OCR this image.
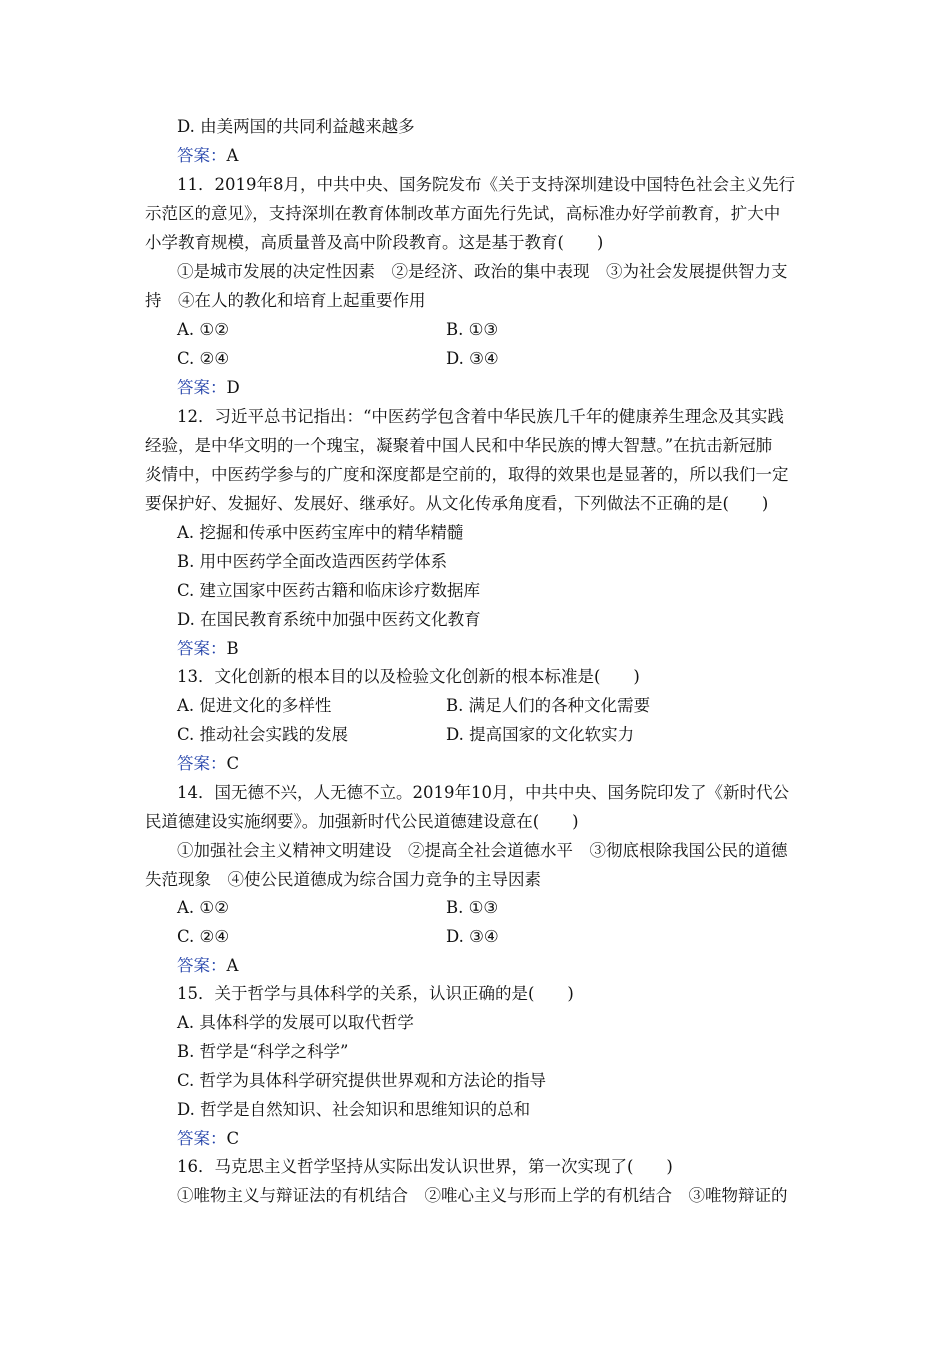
D. 由美两国的共同利益越来越多
答案：A
11．2019年8月，中共中央、国务院发布《关于支持深圳建设中国特色社会主义先行
示范区的意见》，支持深圳在教育体制改革方面先行先试，高标准办好学前教育，扩大中
小学教育规模，高质量普及高中阶段教育。这是基于教育(　　)
①是城市发展的决定性因素　②是经济、政治的集中表现　③为社会发展提供智力支
持　④在人的教化和培育上起重要作用
A. ①②	B. ①③
C. ②④	D. ③④
答案：D
12．习近平总书记指出：“中医药学包含着中华民族几千年的健康养生理念及其实践
经验，是中华文明的一个瑰宝，凝聚着中国人民和中华民族的博大智慧。”在抗击新冠肺
炎情中，中医药学参与的广度和深度都是空前的，取得的效果也是显著的，所以我们一定
要保护好、发掘好、发展好、继承好。从文化传承角度看，下列做法不正确的是(　　)
A. 挖掘和传承中医药宝库中的精华精髓
B. 用中医药学全面改造西医药学体系
C. 建立国家中医药古籍和临床诊疗数据库
D. 在国民教育系统中加强中医药文化教育
答案：B
13．文化创新的根本目的以及检验文化创新的根本标准是(　　)
A. 促进文化的多样性	B. 满足人们的各种文化需要
C. 推动社会实践的发展	D. 提高国家的文化软实力
答案：C
14．国无德不兴，人无德不立。2019年10月，中共中央、国务院印发了《新时代公
民道德建设实施纲要》。加强新时代公民道德建设意在(　　)
①加强社会主义精神文明建设　②提高全社会道德水平　③彻底根除我国公民的道德
失范现象　④使公民道德成为综合国力竞争的主导因素
A. ①②	B. ①③
C. ②④	D. ③④
答案：A
15．关于哲学与具体科学的关系，认识正确的是(　　)
A. 具体科学的发展可以取代哲学
B. 哲学是“科学之科学”
C. 哲学为具体科学研究提供世界观和方法论的指导
D. 哲学是自然知识、社会知识和思维知识的总和
答案：C
16．马克思主义哲学坚持从实际出发认识世界，第一次实现了(　　)
①唯物主义与辩证法的有机结合　②唯心主义与形而上学的有机结合　③唯物辩证的
